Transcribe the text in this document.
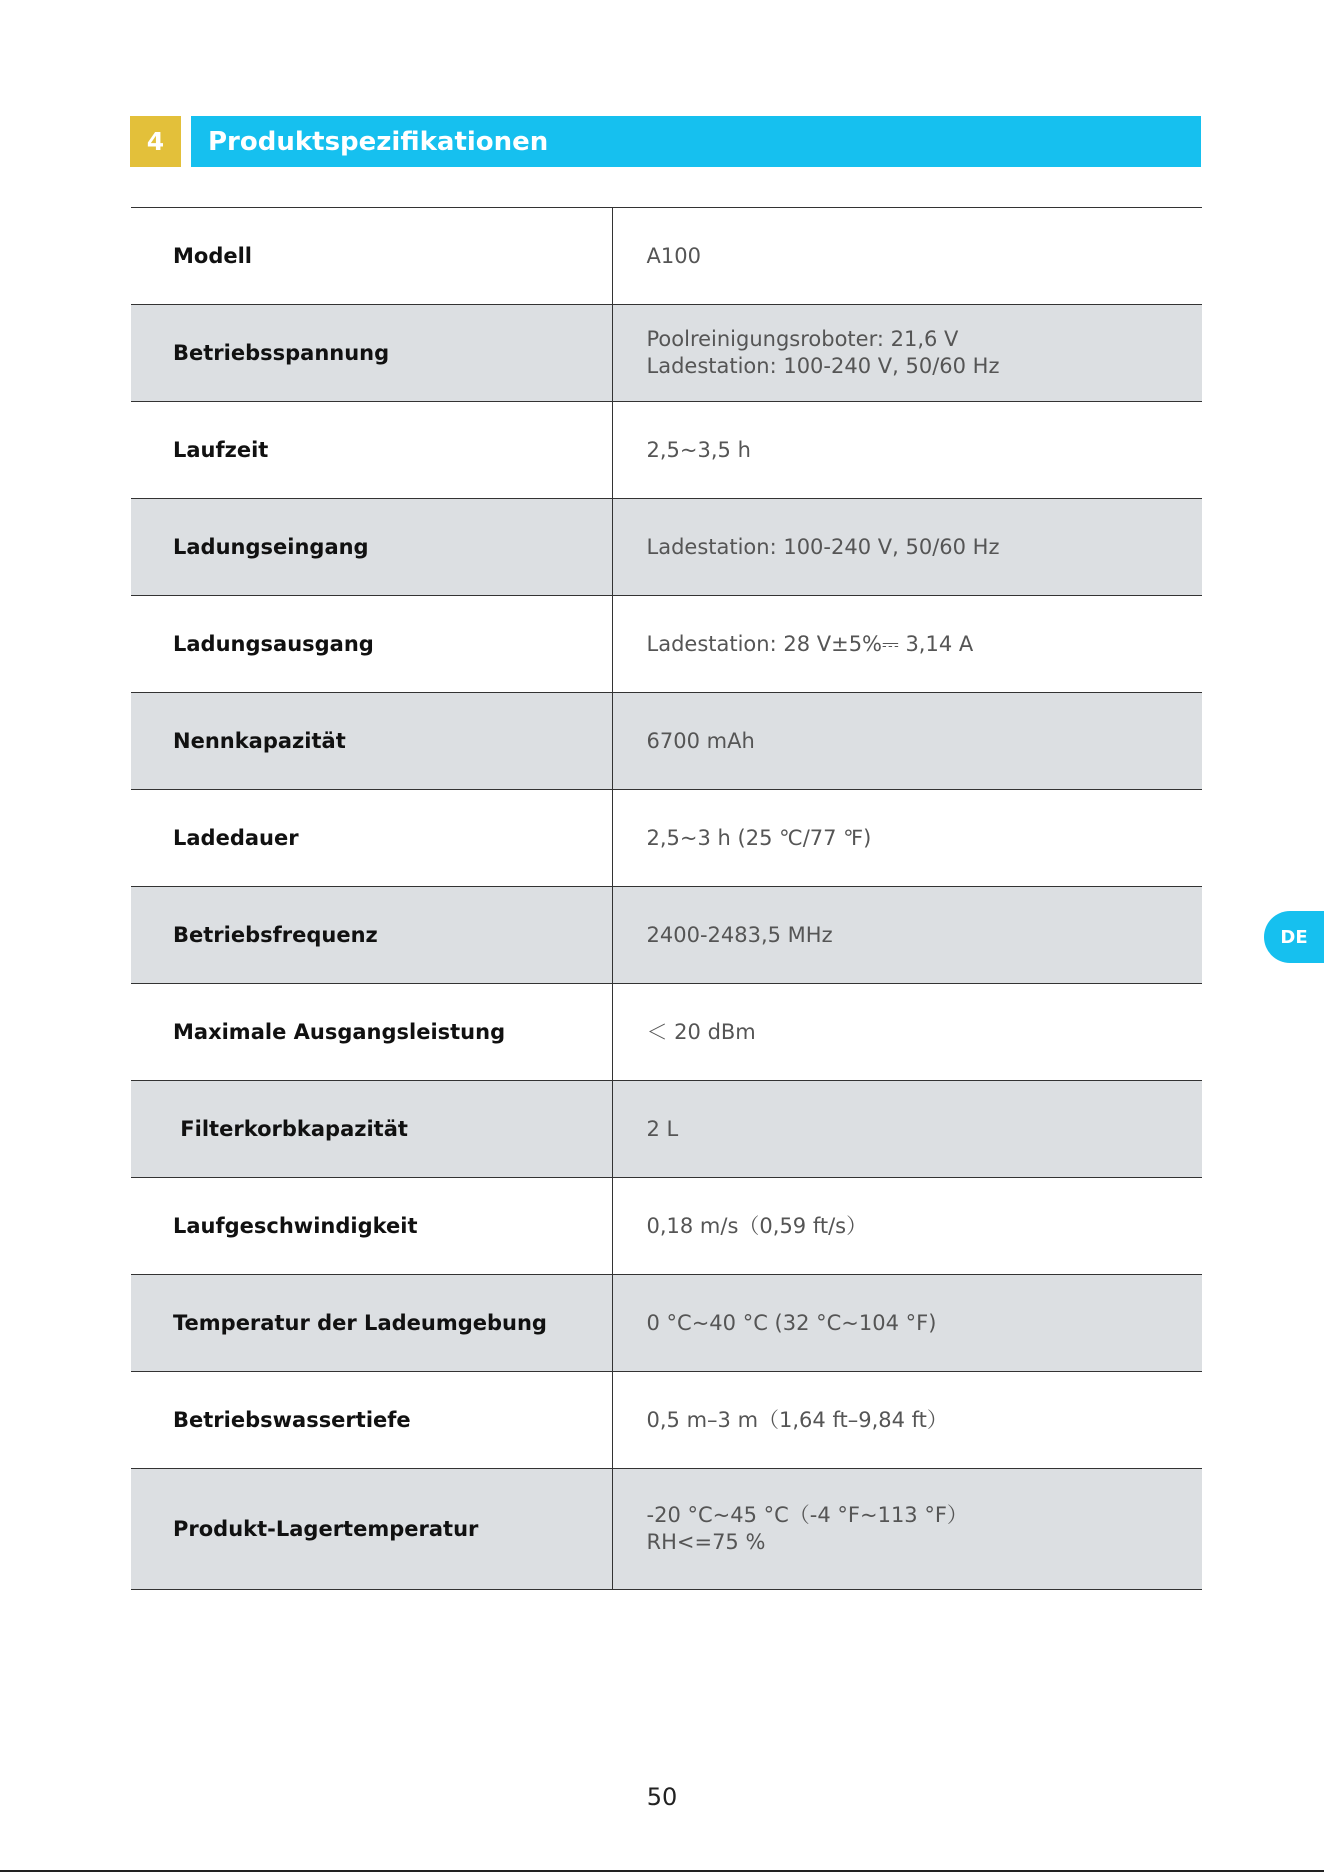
4	Produktspezifikationen
Modell	A100

Betriebsspannung	Poolreinigungsroboter: 21,6 V
Ladestation: 100-240 V, 50/60 Hz

Laufzeit	2,5~3,5 h

Ladungseingang	Ladestation: 100-240 V, 50/60 Hz

Ladungsausgang	Ladestation: 28 V±5%⎓ 3,14 A

Nennkapazität	6700 mAh

Ladedauer	2,5~3 h (25 ℃/77 ℉)

Betriebsfrequenz	2400-2483,5 MHz

Maximale Ausgangsleistung	＜ 20 dBm

Filterkorbkapazität	2 L

Laufgeschwindigkeit	0,18 m/s（0,59 ft/s）

Temperatur der Ladeumgebung	0 °C~40 °C (32 °C~104 °F)

Betriebswassertiefe	0,5 m–3 m（1,64 ft–9,84 ft）

Produkt-Lagertemperatur	-20 °C~45 °C（-4 °F~113 °F）
RH<=75 %
DE
50
